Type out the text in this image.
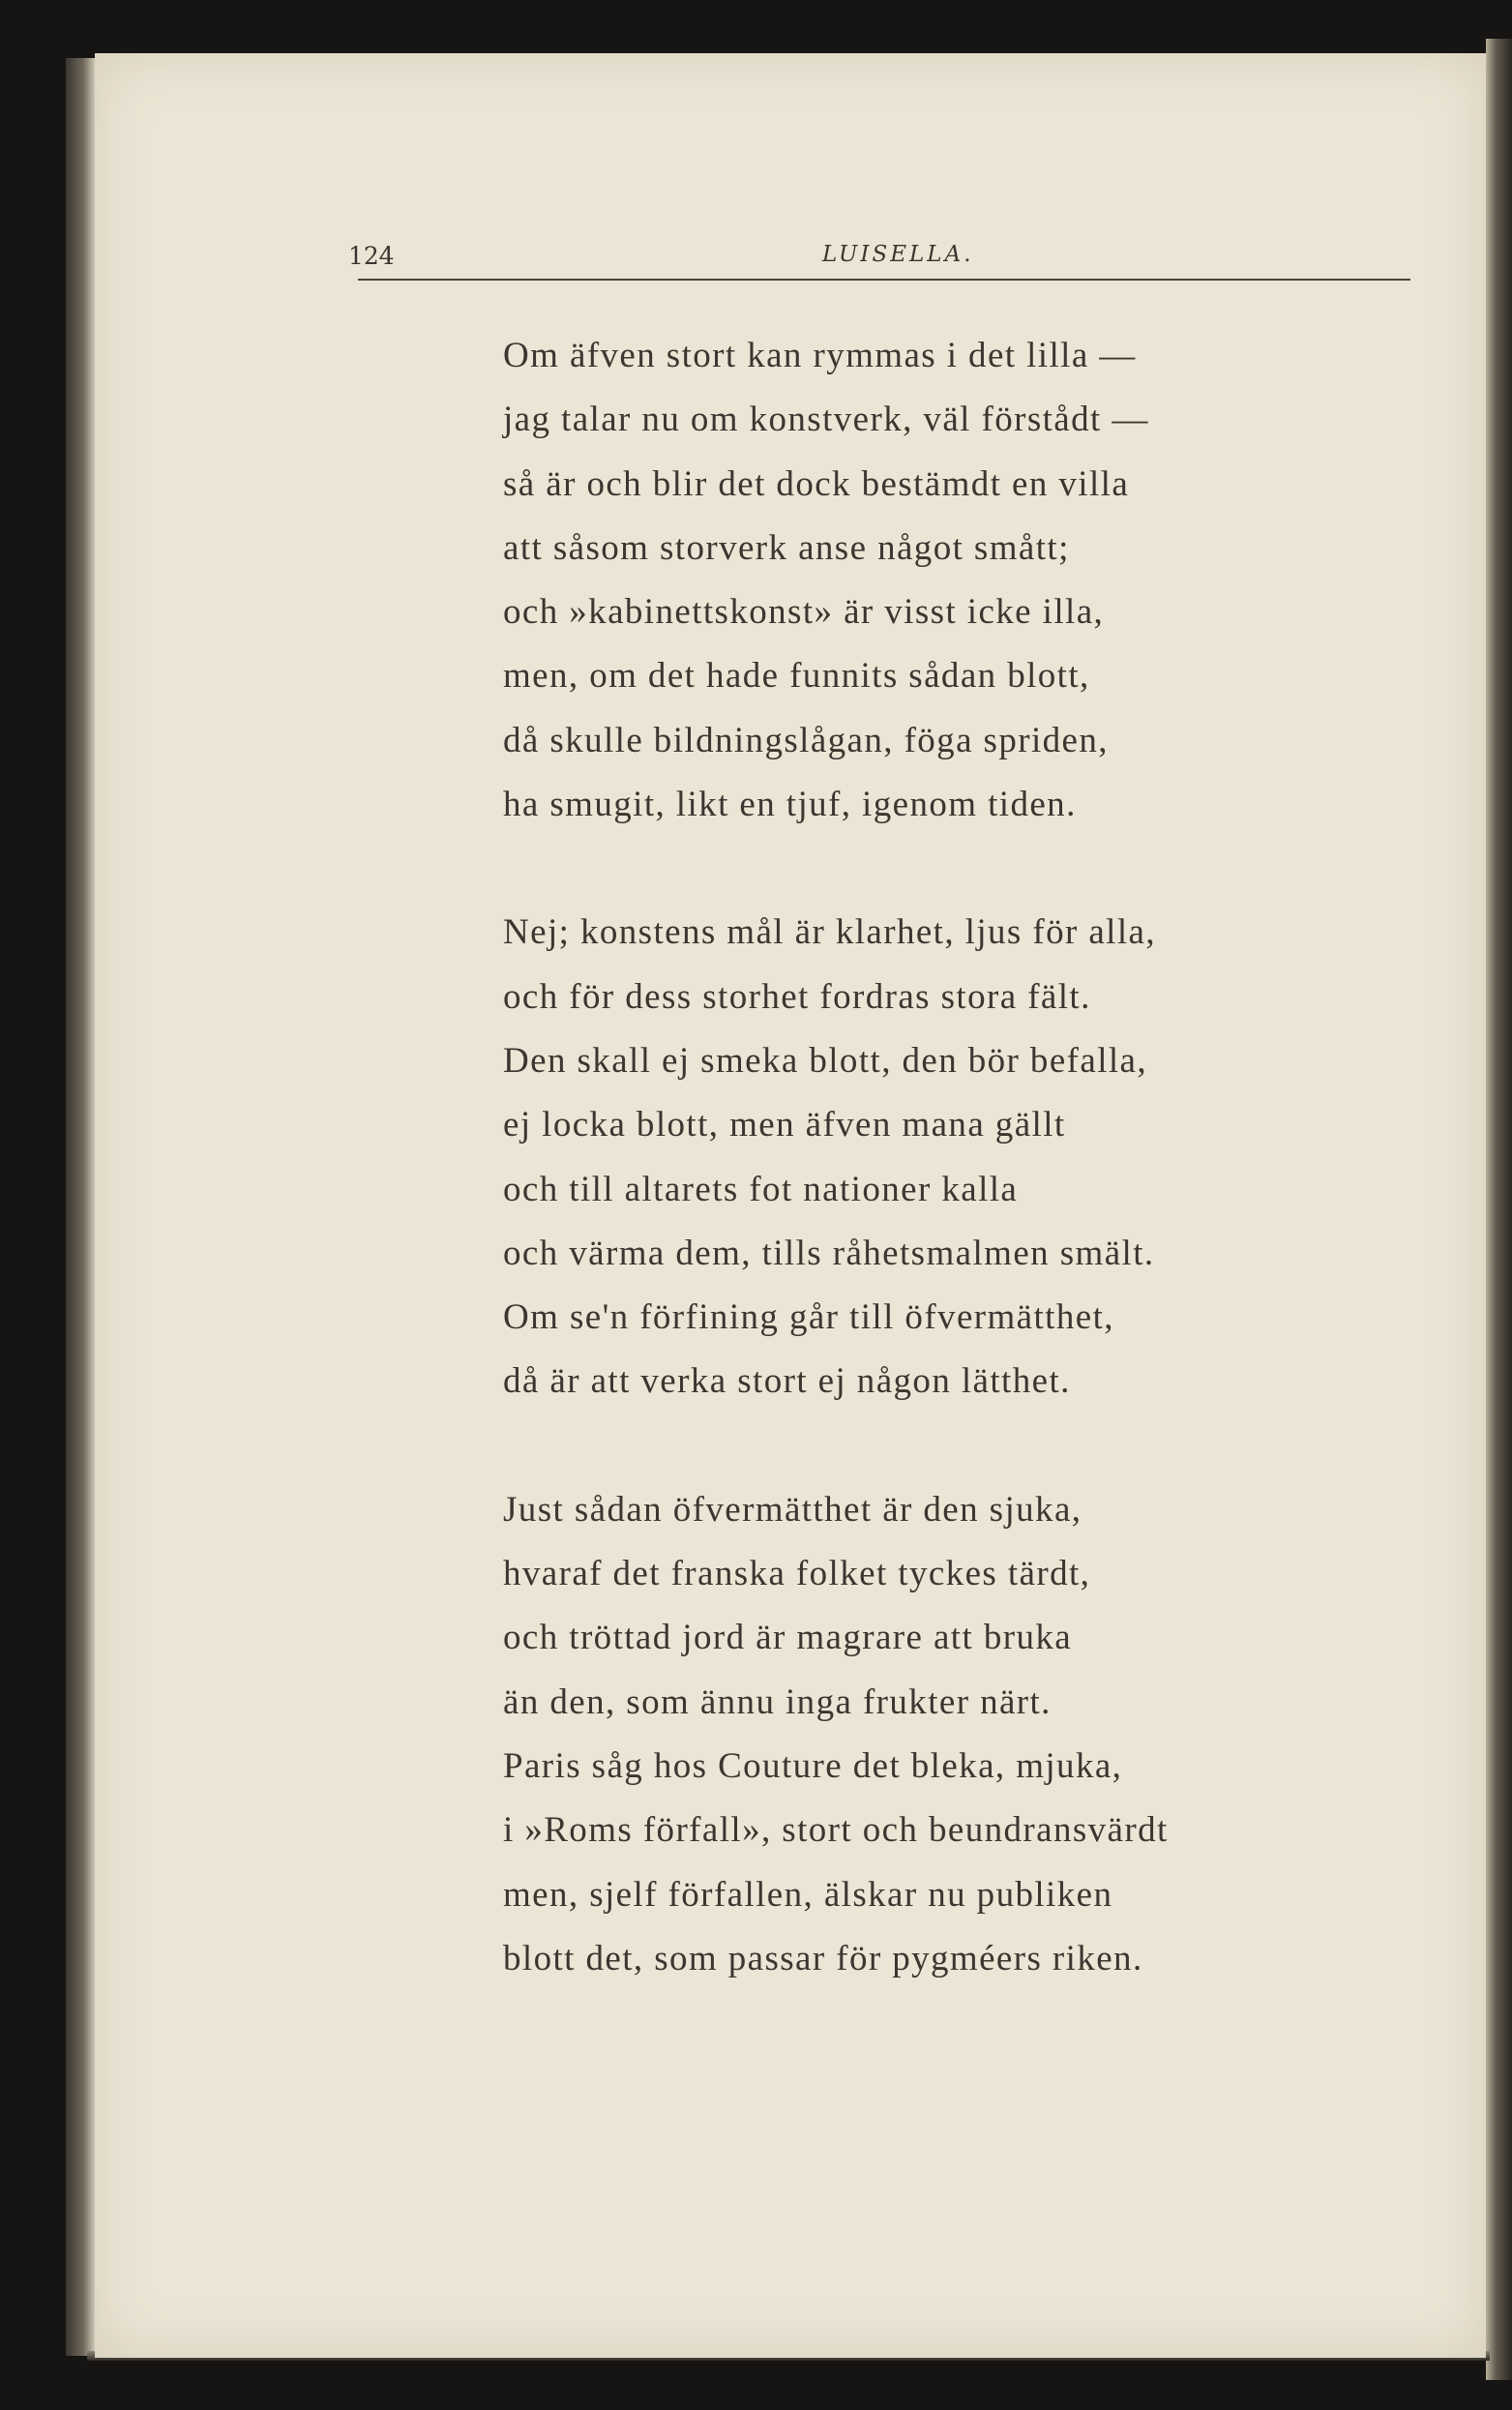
124	LUISELLA.
Om äfven stort kan rymmas i det lilla —
jag talar nu om konstverk, väl förstådt —
så är och blir det dock bestämdt en villa
att såsom storverk anse något smått;
och »kabinettskonst» är visst icke illa,
men, om det hade funnits sådan blott,
då skulle bildningslågan, föga spriden,
ha smugit, likt en tjuf, igenom tiden.
Nej; konstens mål är klarhet, ljus för alla,
och för dess storhet fordras stora fält.
Den skall ej smeka blott, den bör befalla,
ej locka blott, men äfven mana gällt
och till altarets fot nationer kalla
och värma dem, tills råhetsmalmen smält.
Om se'n förfining går till öfvermätthet,
då är att verka stort ej någon lätthet.
Just sådan öfvermätthet är den sjuka,
hvaraf det franska folket tyckes tärdt,
och tröttad jord är magrare att bruka
än den, som ännu inga frukter närt.
Paris såg hos Couture det bleka, mjuka,
i »Roms förfall», stort och beundransvärdt
men, sjelf förfallen, älskar nu publiken
blott det, som passar för pygméers riken.
